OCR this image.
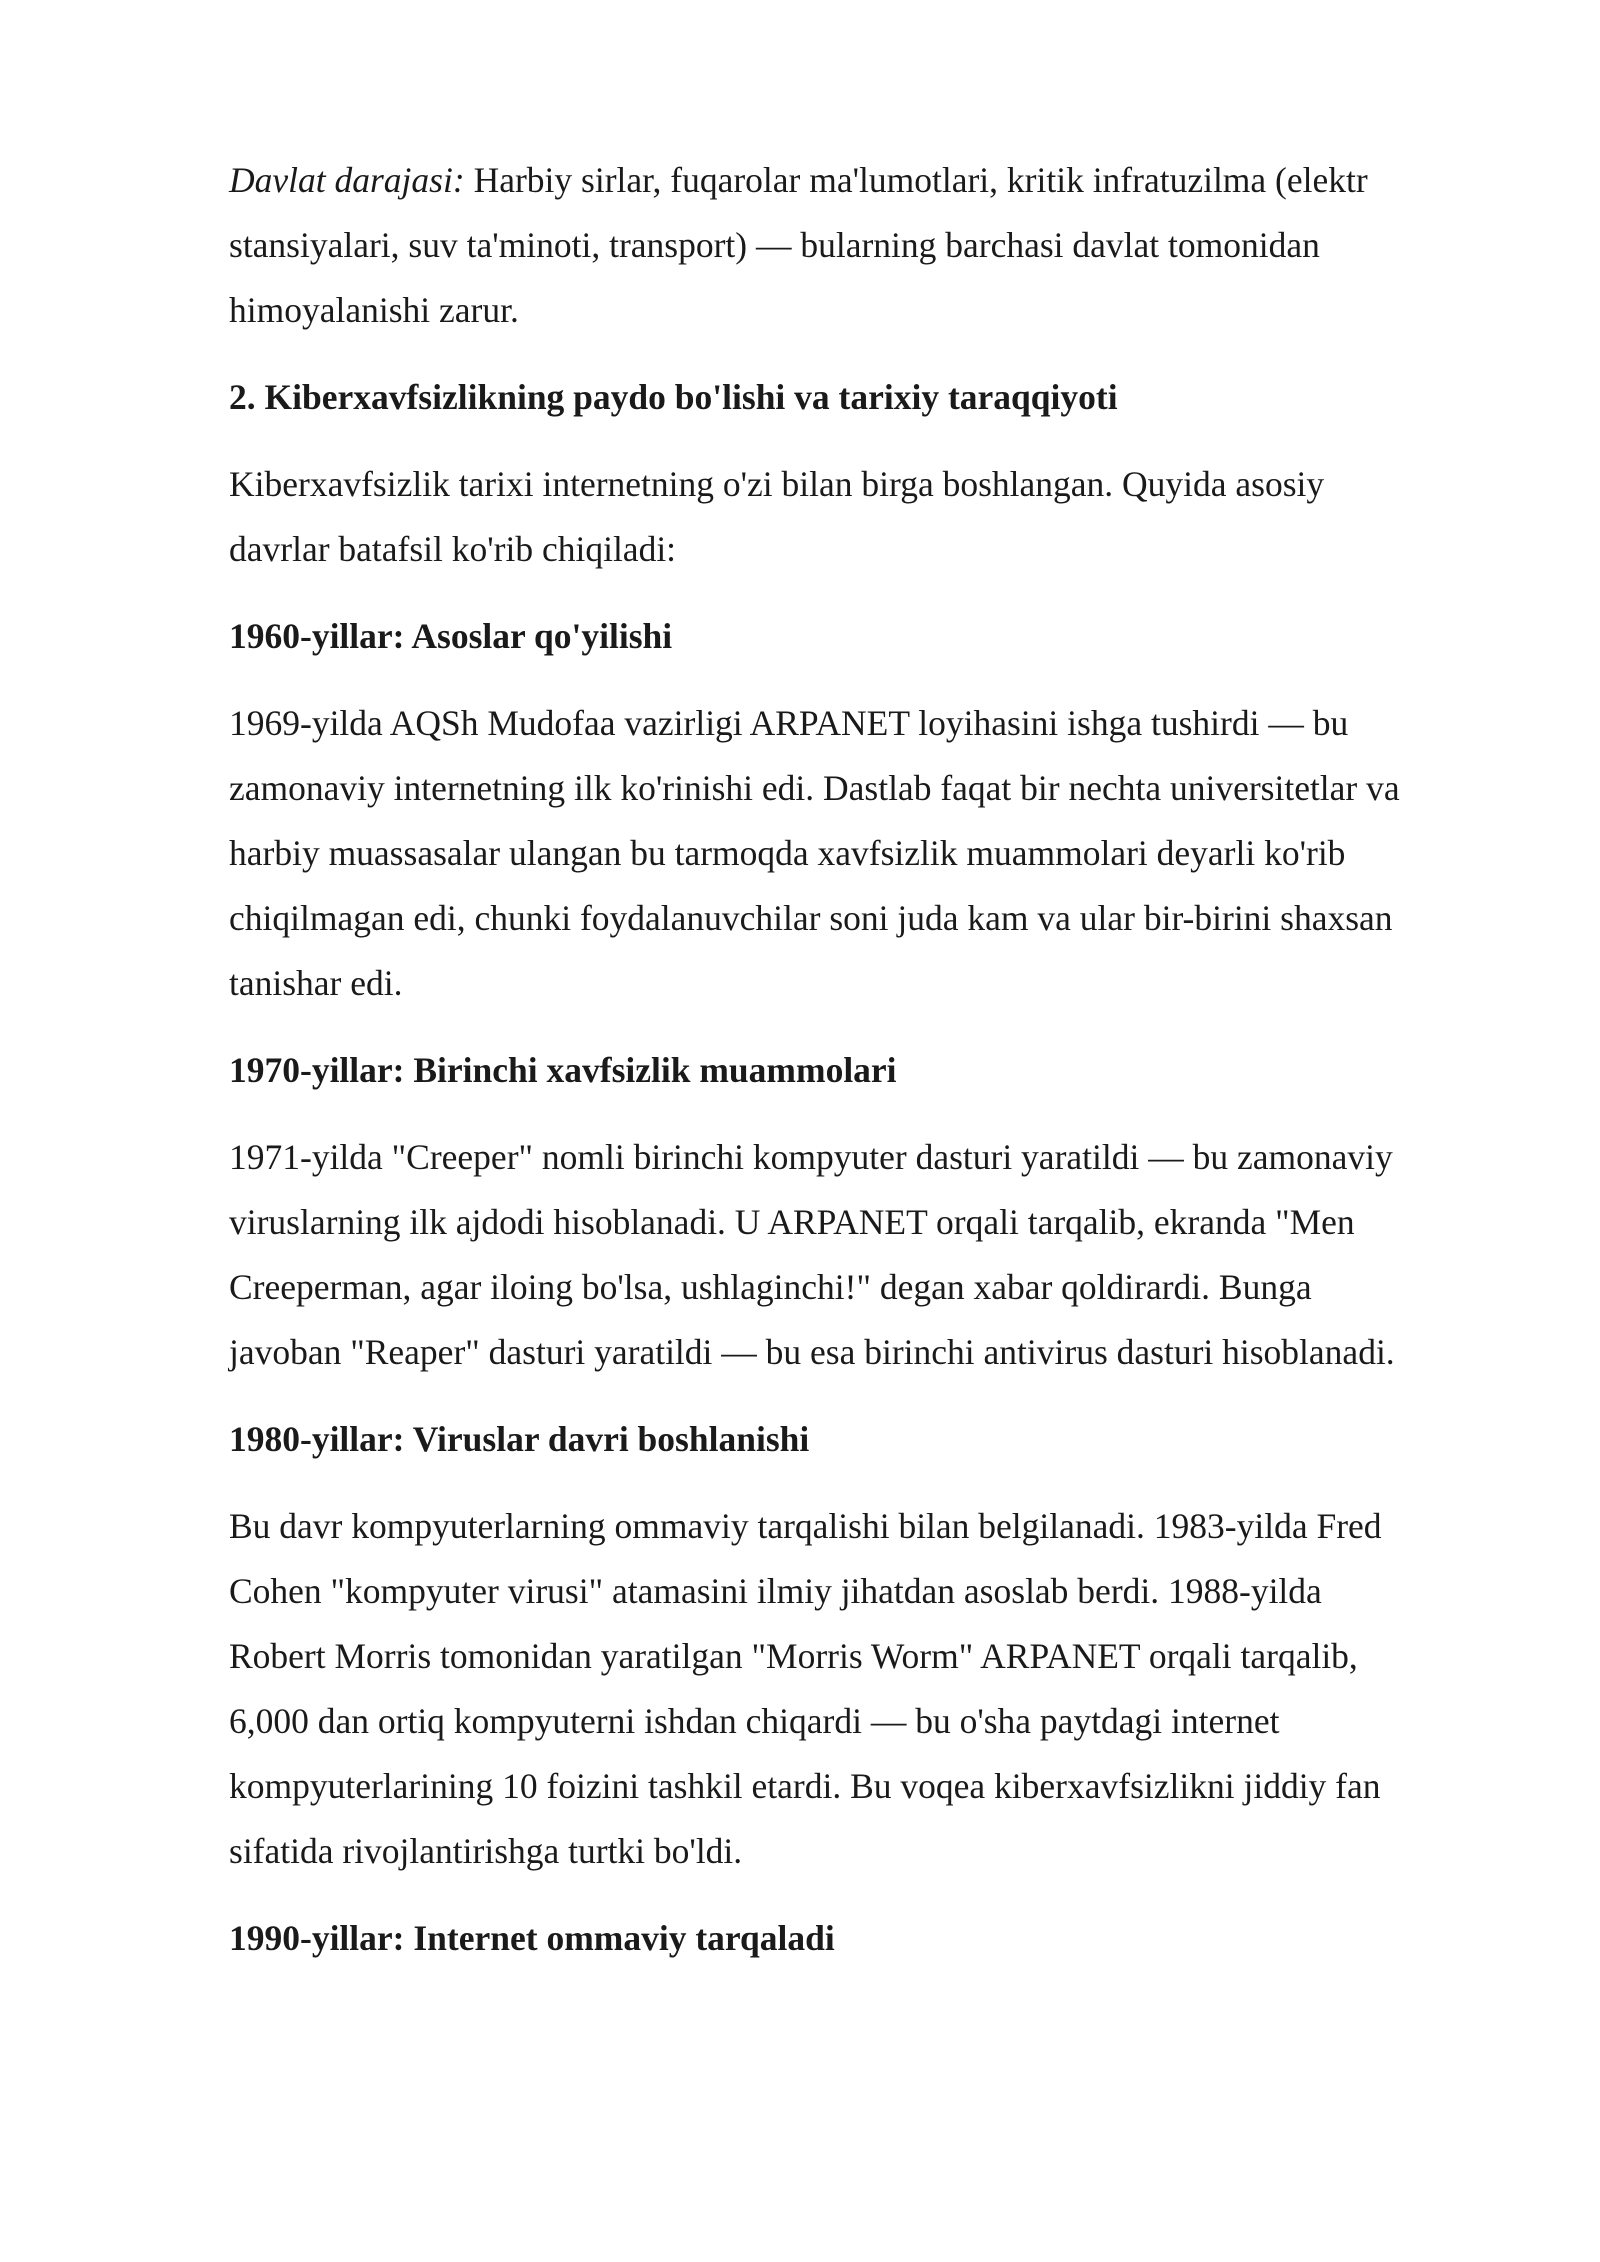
Davlat darajasi: Harbiy sirlar, fuqarolar ma'lumotlari, kritik infratuzilma (elektr stansiyalari, suv ta'minoti, transport) — bularning barchasi davlat tomonidan himoyalanishi zarur.

2. Kiberxavfsizlikning paydo bo'lishi va tarixiy taraqqiyoti

Kiberxavfsizlik tarixi internetning o'zi bilan birga boshlangan. Quyida asosiy davrlar batafsil ko'rib chiqiladi:

1960-yillar: Asoslar qo'yilishi

1969-yilda AQSh Mudofaa vazirligi ARPANET loyihasini ishga tushirdi — bu zamonaviy internetning ilk ko'rinishi edi. Dastlab faqat bir nechta universitetlar va harbiy muassasalar ulangan bu tarmoqda xavfsizlik muammolari deyarli ko'rib chiqilmagan edi, chunki foydalanuvchilar soni juda kam va ular bir-birini shaxsan tanishar edi.

1970-yillar: Birinchi xavfsizlik muammolari

1971-yilda "Creeper" nomli birinchi kompyuter dasturi yaratildi — bu zamonaviy viruslarning ilk ajdodi hisoblanadi. U ARPANET orqali tarqalib, ekranda "Men Creeperman, agar iloing bo'lsa, ushlaginchi!" degan xabar qoldirardi. Bunga javoban "Reaper" dasturi yaratildi — bu esa birinchi antivirus dasturi hisoblanadi.

1980-yillar: Viruslar davri boshlanishi

Bu davr kompyuterlarning ommaviy tarqalishi bilan belgilanadi. 1983-yilda Fred Cohen "kompyuter virusi" atamasini ilmiy jihatdan asoslab berdi. 1988-yilda Robert Morris tomonidan yaratilgan "Morris Worm" ARPANET orqali tarqalib, 6,000 dan ortiq kompyuterni ishdan chiqardi — bu o'sha paytdagi internet kompyuterlarining 10 foizini tashkil etardi. Bu voqea kiberxavfsizlikni jiddiy fan sifatida rivojlantirishga turtki bo'ldi.

1990-yillar: Internet ommaviy tarqaladi
